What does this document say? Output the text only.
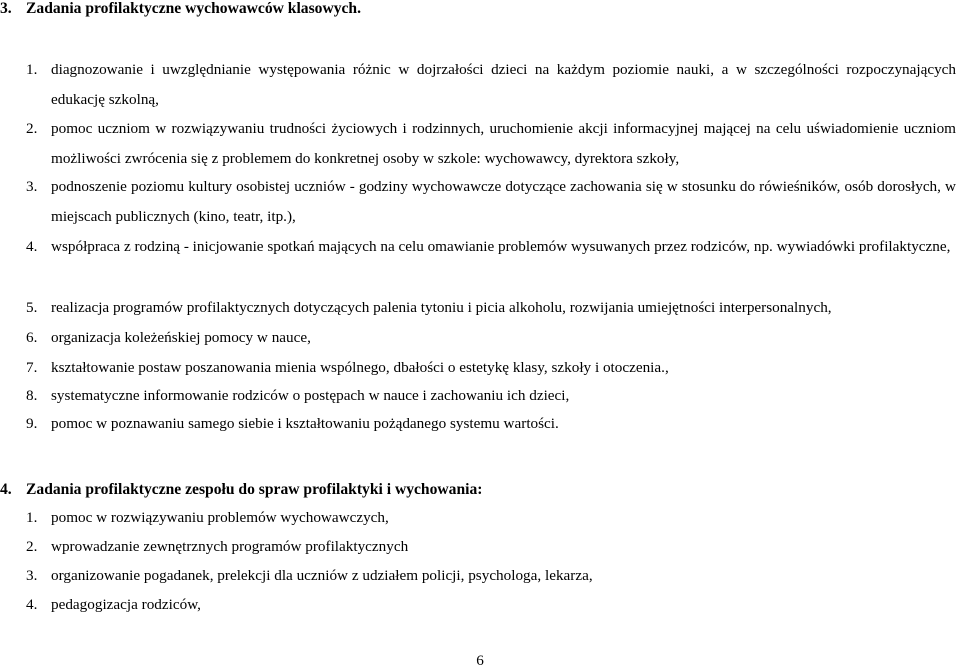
3. Zadania profilaktyczne wychowawców klasowych.
1. diagnozowanie i uwzględnianie występowania różnic w dojrzałości dzieci na każdym poziomie nauki, a w szczególności rozpoczynających edukację szkolną,
2. pomoc uczniom w rozwiązywaniu trudności życiowych i rodzinnych, uruchomienie akcji informacyjnej mającej na celu uświadomienie uczniom możliwości zwrócenia się z problemem do konkretnej osoby w szkole: wychowawcy, dyrektora szkoły,
3. podnoszenie poziomu kultury osobistej uczniów - godziny wychowawcze dotyczące zachowania się w stosunku do rówieśników, osób dorosłych, w miejscach publicznych (kino, teatr, itp.),
4. współpraca z rodziną - inicjowanie spotkań mających na celu omawianie problemów wysuwanych przez rodziców, np. wywiadówki profilaktyczne,
5. realizacja programów profilaktycznych dotyczących palenia tytoniu i picia alkoholu, rozwijania umiejętności interpersonalnych,
6. organizacja koleżeńskiej pomocy w nauce,
7. kształtowanie postaw poszanowania mienia wspólnego, dbałości o estetykę klasy, szkoły i otoczenia.,
8. systematyczne informowanie rodziców o postępach w nauce i zachowaniu ich dzieci,
9. pomoc w poznawaniu samego siebie i kształtowaniu pożądanego systemu wartości.
4. Zadania profilaktyczne zespołu do spraw profilaktyki i wychowania:
1. pomoc w rozwiązywaniu problemów wychowawczych,
2. wprowadzanie zewnętrznych programów profilaktycznych
3. organizowanie pogadanek, prelekcji dla uczniów z udziałem policji, psychologa, lekarza,
4. pedagogizacja rodziców,
6
